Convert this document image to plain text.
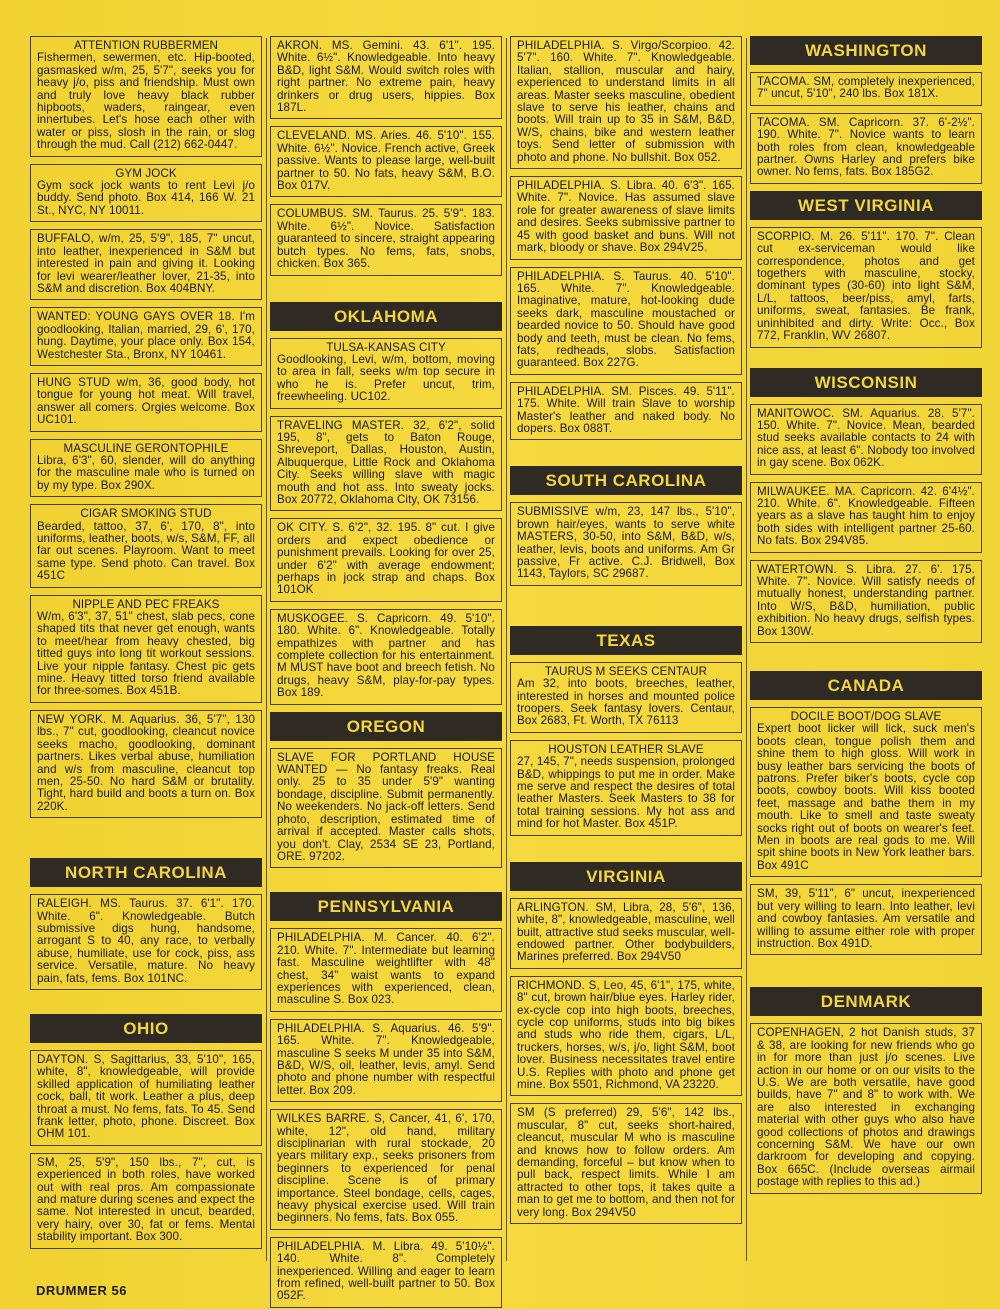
ATTENTION RUBBERMEN
Fishermen, sewermen, etc. Hip-booted, gasmasked w/m, 25, 5'7", seeks you for heavy j/o, piss and friendship. Must own and truly love heavy black rubber hipboots, waders, raingear, even innertubes. Let's hose each other with water or piss, slosh in the rain, or slog through the mud. Call (212) 662-0447.
GYM JOCK
Gym sock jock wants to rent Levi j/o buddy. Send photo. Box 414, 166 W. 21 St., NYC, NY 10011.
BUFFALO, w/m, 25, 5'9", 185, 7" uncut, into leather, inexperienced in S&M but interested in pain and giving it. Looking for levi wearer/leather lover, 21-35, into S&M and discretion. Box 404BNY.
WANTED: YOUNG GAYS OVER 18. I'm goodlooking, Italian, married, 29, 6', 170, hung. Daytime, your place only. Box 154, Westchester Sta., Bronx, NY 10461.
HUNG STUD w/m, 36, good body, hot tongue for young hot meat. Will travel, answer all comers. Orgies welcome. Box UC101.
MASCULINE GERONTOPHILE
Libra, 6'3", 60, slender, will do anything for the masculine male who is turned on by my type. Box 290X.
CIGAR SMOKING STUD
Bearded, tattoo, 37, 6', 170, 8", into uniforms, leather, boots, w/s, S&M, FF, all far out scenes. Playroom. Want to meet same type. Send photo. Can travel. Box 451C
NIPPLE AND PEC FREAKS
W/m, 6'3", 37, 51" chest, slab pecs, cone shaped tits that never get enough, wants to meet/hear from heavy chested, big titted guys into long tit workout sessions. Live your nipple fantasy. Chest pic gets mine. Heavy titted torso friend available for three-somes. Box 451B.
NEW YORK. M. Aquarius. 36, 5'7", 130 lbs., 7" cut, goodlooking, cleancut novice seeks macho, goodlooking, dominant partners. Likes verbal abuse, humiliation and w/s from masculine, cleancut top men, 25-50. No hard S&M or brutality. Tight, hard build and boots a turn on. Box 220K.
NORTH CAROLINA
RALEIGH. MS. Taurus. 37. 6'1". 170. White. 6". Knowledgeable. Butch submissive digs hung, handsome, arrogant S to 40, any race, to verbally abuse, humiliate, use for cock, piss, ass service. Versatile, mature. No heavy pain, fats, fems. Box 101NC.
OHIO
DAYTON. S, Sagittarius, 33, 5'10", 165, white, 8", knowledgeable, will provide skilled application of humiliating leather cock, ball, tit work. Leather a plus, deep throat a must. No fems, fats. To 45. Send frank letter, photo, phone. Discreet. Box OHM 101.
SM, 25, 5'9", 150 lbs., 7", cut, is experienced in both roles, have worked out with real pros. Am compassionate and mature during scenes and expect the same. Not interested in uncut, bearded, very hairy, over 30, fat or fems. Mental stability important. Box 300.
AKRON. MS. Gemini. 43. 6'1". 195. White. 6½". Knowledgeable. Into heavy B&D, light S&M. Would switch roles with right partner. No extreme pain, heavy drinkers or drug users, hippies. Box 187L.
CLEVELAND. MS. Aries. 46. 5'10". 155. White. 6½". Novice. French active, Greek passive. Wants to please large, well-built partner to 50. No fats, heavy S&M, B.O. Box 017V.
COLUMBUS. SM. Taurus. 25. 5'9". 183. White. 6½". Novice. Satisfaction guaranteed to sincere, straight appearing butch types. No fems, fats, snobs, chicken. Box 365.
OKLAHOMA
TULSA-KANSAS CITY
Goodlooking, Levi, w/m, bottom, moving to area in fall, seeks w/m top secure in who he is. Prefer uncut, trim, freewheeling. UC102.
TRAVELING MASTER. 32, 6'2", solid 195, 8", gets to Baton Rouge, Shreveport, Dallas, Houston, Austin, Albuquerque, Little Rock and Oklahoma City. Seeks willing slave with magic mouth and hot ass. Into sweaty jocks. Box 20772, Oklahoma City, OK 73156.
OK CITY. S. 6'2", 32. 195. 8" cut. I give orders and expect obedience or punishment prevails. Looking for over 25, under 6'2" with average endowment; perhaps in jock strap and chaps. Box 101OK
MUSKOGEE. S. Capricorn. 49. 5'10". 180. White. 6". Knowledgeable. Totally empathizes with partner and has complete collection for his entertainment. M MUST have boot and breech fetish. No drugs, heavy S&M, play-for-pay types. Box 189.
OREGON
SLAVE FOR PORTLAND HOUSE WANTED — No fantasy freaks. Real only. 25 to 35 under 5'9" wanting bondage, discipline. Submit permanently. No weekenders. No jack-off letters. Send photo, description, estimated time of arrival if accepted. Master calls shots, you don't. Clay, 2534 SE 23, Portland, ORE. 97202.
PENNSYLVANIA
PHILADELPHIA. M. Cancer. 40. 6'2". 210. White. 7". Intermediate but learning fast. Masculine weightlifter with 48" chest, 34" waist wants to expand experiences with experienced, clean, masculine S. Box 023.
PHILADELPHIA. S. Aquarius. 46. 5'9". 165. White. 7". Knowledgeable, masculine S seeks M under 35 into S&M, B&D, W/S, oil, leather, levis, amyl. Send photo and phone number with respectful letter. Box 209.
WILKES BARRE. S, Cancer, 41, 6', 170, white, 12", old hand, military disciplinarian with rural stockade, 20 years military exp., seeks prisoners from beginners to experienced for penal discipline. Scene is of primary importance. Steel bondage, cells, cages, heavy physical exercise used. Will train beginners. No fems, fats. Box 055.
PHILADELPHIA. M. Libra. 49. 5'10½". 140. White. 8". Completely inexperienced. Willing and eager to learn from refined, well-built partner to 50. Box 052F.
PHILADELPHIA. S. Virgo/Scorpioo. 42. 5'7". 160. White. 7". Knowledgeable. Italian, stallion, muscular and hairy, experienced to understand limits in all areas. Master seeks masculine, obedient slave to serve his leather, chains and boots. Will train up to 35 in S&M, B&D, W/S, chains, bike and western leather toys. Send letter of submission with photo and phone. No bullshit. Box 052.
PHILADELPHIA. S. Libra. 40. 6'3". 165. White. 7". Novice. Has assumed slave role for greater awareness of slave limits and desires. Seeks submissive partner to 45 with good basket and buns. Will not mark, bloody or shave. Box 294V25.
PHILADELPHIA. S. Taurus. 40. 5'10". 165. White. 7". Knowledgeable. Imaginative, mature, hot-looking dude seeks dark, masculine moustached or bearded novice to 50. Should have good body and teeth, must be clean. No fems, fats, redheads, slobs. Satisfaction guaranteed. Box 227G.
PHILADELPHIA. SM. Pisces. 49. 5'11". 175. White. Will train Slave to worship Master's leather and naked body. No dopers. Box 088T.
SOUTH CAROLINA
SUBMISSIVE w/m, 23, 147 lbs., 5'10", brown hair/eyes, wants to serve white MASTERS, 30-50, into S&M, B&D, w/s, leather, levis, boots and uniforms. Am Gr passive, Fr active. C.J. Bridwell, Box 1143, Taylors, SC 29687.
TEXAS
TAURUS M SEEKS CENTAUR
Am 32, into boots, breeches, leather, interested in horses and mounted police troopers. Seek fantasy lovers. Centaur, Box 2683, Ft. Worth, TX 76113
HOUSTON LEATHER SLAVE
27, 145, 7", needs suspension, prolonged B&D, whippings to put me in order. Make me serve and respect the desires of total leather Masters. Seek Masters to 38 for total training sessions. My hot ass and mind for hot Master. Box 451P.
VIRGINIA
ARLINGTON. SM, Libra, 28, 5'6", 136, white, 8", knowledgeable, masculine, well built, attractive stud seeks muscular, well-endowed partner. Other bodybuilders, Marines preferred. Box 294V50
RICHMOND. S, Leo, 45, 6'1", 175, white, 8" cut, brown hair/blue eyes. Harley rider, ex-cycle cop into high boots, breeches, cycle cop uniforms, studs into big bikes and studs who ride them, cigars, L/L, truckers, horses, w/s, j/o, light S&M, boot lover. Business necessitates travel entire U.S. Replies with photo and phone get mine. Box 5501, Richmond, VA 23220.
SM (S preferred) 29, 5'6", 142 lbs., muscular, 8" cut, seeks short-haired, cleancut, muscular M who is masculine and knows how to follow orders. Am demanding, forceful – but know when to pull back, respect limits. While I am attracted to other tops, it takes quite a man to get me to bottom, and then not for very long. Box 294V50
WASHINGTON
TACOMA. SM, completely inexperienced, 7" uncut, 5'10", 240 lbs. Box 181X.
TACOMA. SM. Capricorn. 37. 6'-2½". 190. White. 7". Novice wants to learn both roles from clean, knowledgeable partner. Owns Harley and prefers bike owner. No fems, fats. Box 185G2.
WEST VIRGINIA
SCORPIO. M. 26. 5'11". 170. 7". Clean cut ex-serviceman would like correspondence, photos and get togethers with masculine, stocky, dominant types (30-60) into light S&M, L/L, tattoos, beer/piss, amyl, farts, uniforms, sweat, fantasies. Be frank, uninhibited and dirty. Write: Occ., Box 772, Franklin, WV 26807.
WISCONSIN
MANITOWOC. SM. Aquarius. 28. 5'7". 150. White. 7". Novice. Mean, bearded stud seeks available contacts to 24 with nice ass, at least 6". Nobody too involved in gay scene. Box 062K.
MILWAUKEE. MA. Capricorn. 42. 6'4½". 210. White. 6". Knowledgeable. Fifteen years as a slave has taught him to enjoy both sides with intelligent partner 25-60. No fats. Box 294V85.
WATERTOWN. S. Libra. 27. 6'. 175. White. 7". Novice. Will satisfy needs of mutually honest, understanding partner. Into W/S, B&D, humiliation, public exhibition. No heavy drugs, selfish types. Box 130W.
CANADA
DOCILE BOOT/DOG SLAVE
Expert boot licker will lick, suck men's boots clean, tongue polish them and shine them to high gloss. Will work in busy leather bars servicing the boots of patrons. Prefer biker's boots, cycle cop boots, cowboy boots. Will kiss booted feet, massage and bathe them in my mouth. Like to smell and taste sweaty socks right out of boots on wearer's feet. Men in boots are real gods to me. Will spit shine boots in New York leather bars. Box 491C
SM, 39, 5'11", 6" uncut, inexperienced but very willing to learn. Into leather, levi and cowboy fantasies. Am versatile and willing to assume either role with proper instruction. Box 491D.
DENMARK
COPENHAGEN, 2 hot Danish studs, 37 & 38, are looking for new friends who go in for more than just j/o scenes. Live action in our home or on our visits to the U.S. We are both versatile, have good builds, have 7" and 8" to work with. We are also interested in exchanging material with other guys who also have good collections of photos and drawings concerning S&M. We have our own darkroom for developing and copying. Box 665C. (Include overseas airmail postage with replies to this ad.)
DRUMMER 56
